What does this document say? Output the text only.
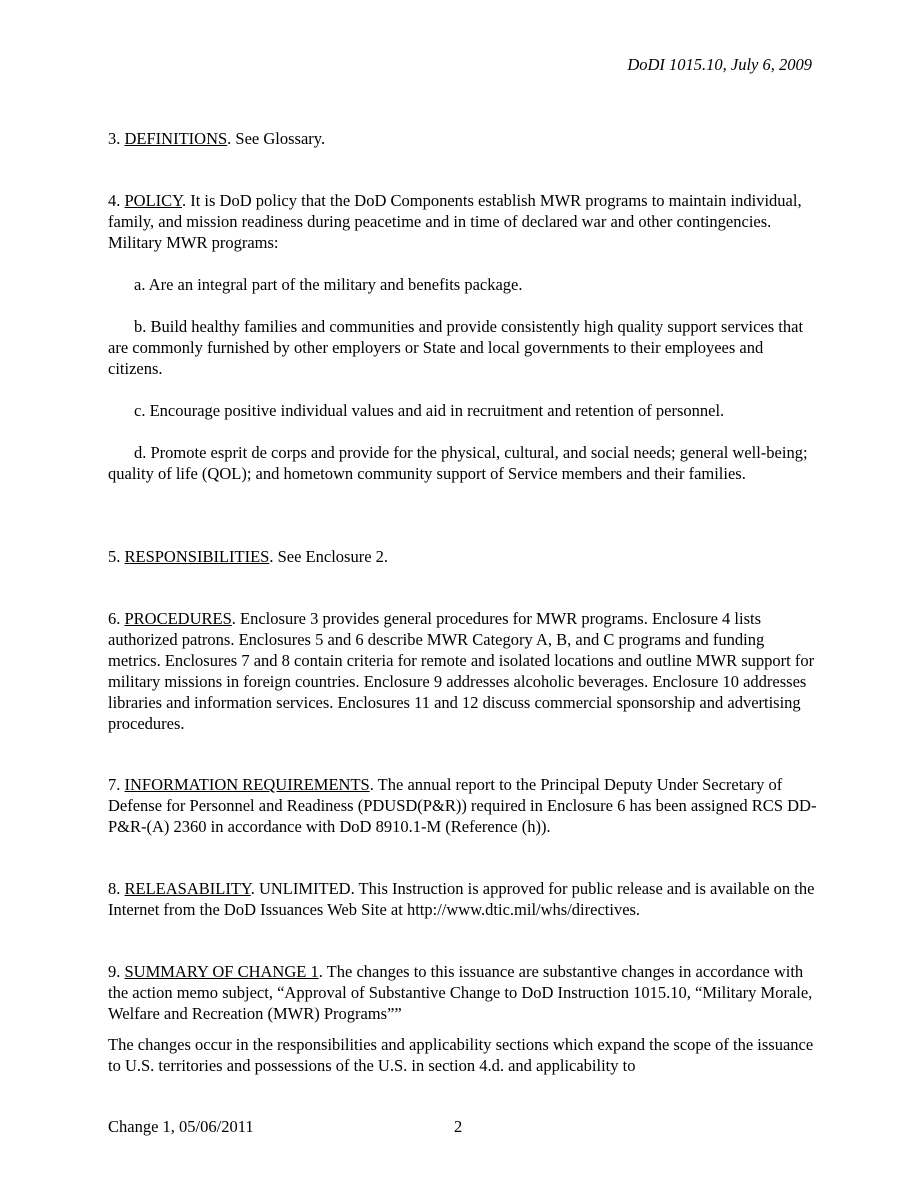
DoDI 1015.10, July 6, 2009

3. DEFINITIONS. See Glossary.

4. POLICY. It is DoD policy that the DoD Components establish MWR programs to maintain individual, family, and mission readiness during peacetime and in time of declared war and other contingencies. Military MWR programs:

a. Are an integral part of the military and benefits package.

b. Build healthy families and communities and provide consistently high quality support services that are commonly furnished by other employers or State and local governments to their employees and citizens.

c. Encourage positive individual values and aid in recruitment and retention of personnel.

d. Promote esprit de corps and provide for the physical, cultural, and social needs; general well-being; quality of life (QOL); and hometown community support of Service members and their families.

5. RESPONSIBILITIES. See Enclosure 2.

6. PROCEDURES. Enclosure 3 provides general procedures for MWR programs. Enclosure 4 lists authorized patrons. Enclosures 5 and 6 describe MWR Category A, B, and C programs and funding metrics. Enclosures 7 and 8 contain criteria for remote and isolated locations and outline MWR support for military missions in foreign countries. Enclosure 9 addresses alcoholic beverages. Enclosure 10 addresses libraries and information services. Enclosures 11 and 12 discuss commercial sponsorship and advertising procedures.

7. INFORMATION REQUIREMENTS. The annual report to the Principal Deputy Under Secretary of Defense for Personnel and Readiness (PDUSD(P&R)) required in Enclosure 6 has been assigned RCS DD-P&R-(A) 2360 in accordance with DoD 8910.1-M (Reference (h)).

8. RELEASABILITY. UNLIMITED. This Instruction is approved for public release and is available on the Internet from the DoD Issuances Web Site at http://www.dtic.mil/whs/directives.

9. SUMMARY OF CHANGE 1. The changes to this issuance are substantive changes in accordance with the action memo subject, “Approval of Substantive Change to DoD Instruction 1015.10, “Military Morale, Welfare and Recreation (MWR) Programs””

The changes occur in the responsibilities and applicability sections which expand the scope of the issuance to U.S. territories and possessions of the U.S. in section 4.d. and applicability to

Change 1, 05/06/2011	2
